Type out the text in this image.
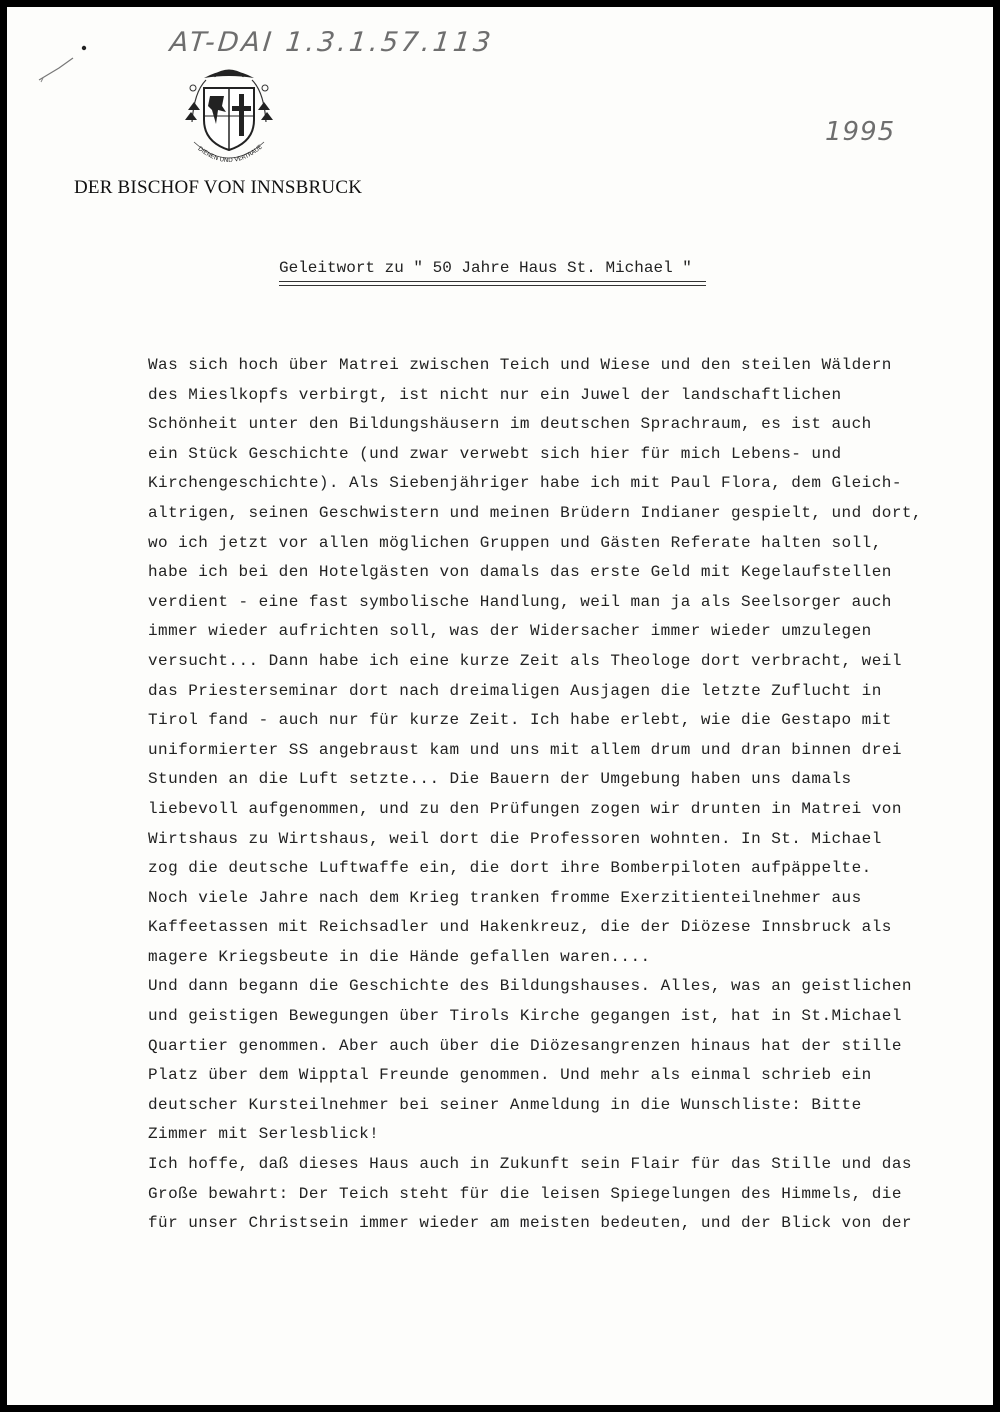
AT-DAI 1.3.1.57.113
1995
DIENEN UND VERTRAUE
DER BISCHOF VON INNSBRUCK
Geleitwort zu " 50 Jahre Haus St. Michael "
Was sich hoch über Matrei zwischen Teich und Wiese und den steilen Wäldern
des Mieslkopfs verbirgt, ist nicht nur ein Juwel der landschaftlichen
Schönheit unter den Bildungshäusern im deutschen Sprachraum, es ist auch
ein Stück Geschichte (und zwar verwebt sich hier für mich Lebens- und
Kirchengeschichte). Als Siebenjähriger habe ich mit Paul Flora, dem Gleich-
altrigen, seinen Geschwistern und meinen Brüdern Indianer gespielt, und dort,
wo ich jetzt vor allen möglichen Gruppen und Gästen Referate halten soll,
habe ich bei den Hotelgästen von damals das erste Geld mit Kegelaufstellen
verdient - eine fast symbolische Handlung, weil man ja als Seelsorger auch
immer wieder aufrichten soll, was der Widersacher immer wieder umzulegen
versucht... Dann habe ich eine kurze Zeit als Theologe dort verbracht, weil
das Priesterseminar dort nach dreimaligen Ausjagen die letzte Zuflucht in
Tirol fand - auch nur für kurze Zeit. Ich habe erlebt, wie die Gestapo mit
uniformierter SS angebraust kam und uns mit allem drum und dran binnen drei
Stunden an die Luft setzte... Die Bauern der Umgebung haben uns damals
liebevoll aufgenommen, und zu den Prüfungen zogen wir drunten in Matrei von
Wirtshaus zu Wirtshaus, weil dort die Professoren wohnten. In St. Michael
zog die deutsche Luftwaffe ein, die dort ihre Bomberpiloten aufpäppelte.
Noch viele Jahre nach dem Krieg tranken fromme Exerzitienteilnehmer aus
Kaffeetassen mit Reichsadler und Hakenkreuz, die der Diözese Innsbruck als
magere Kriegsbeute in die Hände gefallen waren....
Und dann begann die Geschichte des Bildungshauses. Alles, was an geistlichen
und geistigen Bewegungen über Tirols Kirche gegangen ist, hat in St.Michael
Quartier genommen. Aber auch über die Diözesangrenzen hinaus hat der stille
Platz über dem Wipptal Freunde genommen. Und mehr als einmal schrieb ein
deutscher Kursteilnehmer bei seiner Anmeldung in die Wunschliste: Bitte
Zimmer mit Serlesblick!
Ich hoffe, daß dieses Haus auch in Zukunft sein Flair für das Stille und das
Große bewahrt: Der Teich steht für die leisen Spiegelungen des Himmels, die
für unser Christsein immer wieder am meisten bedeuten, und der Blick von der
